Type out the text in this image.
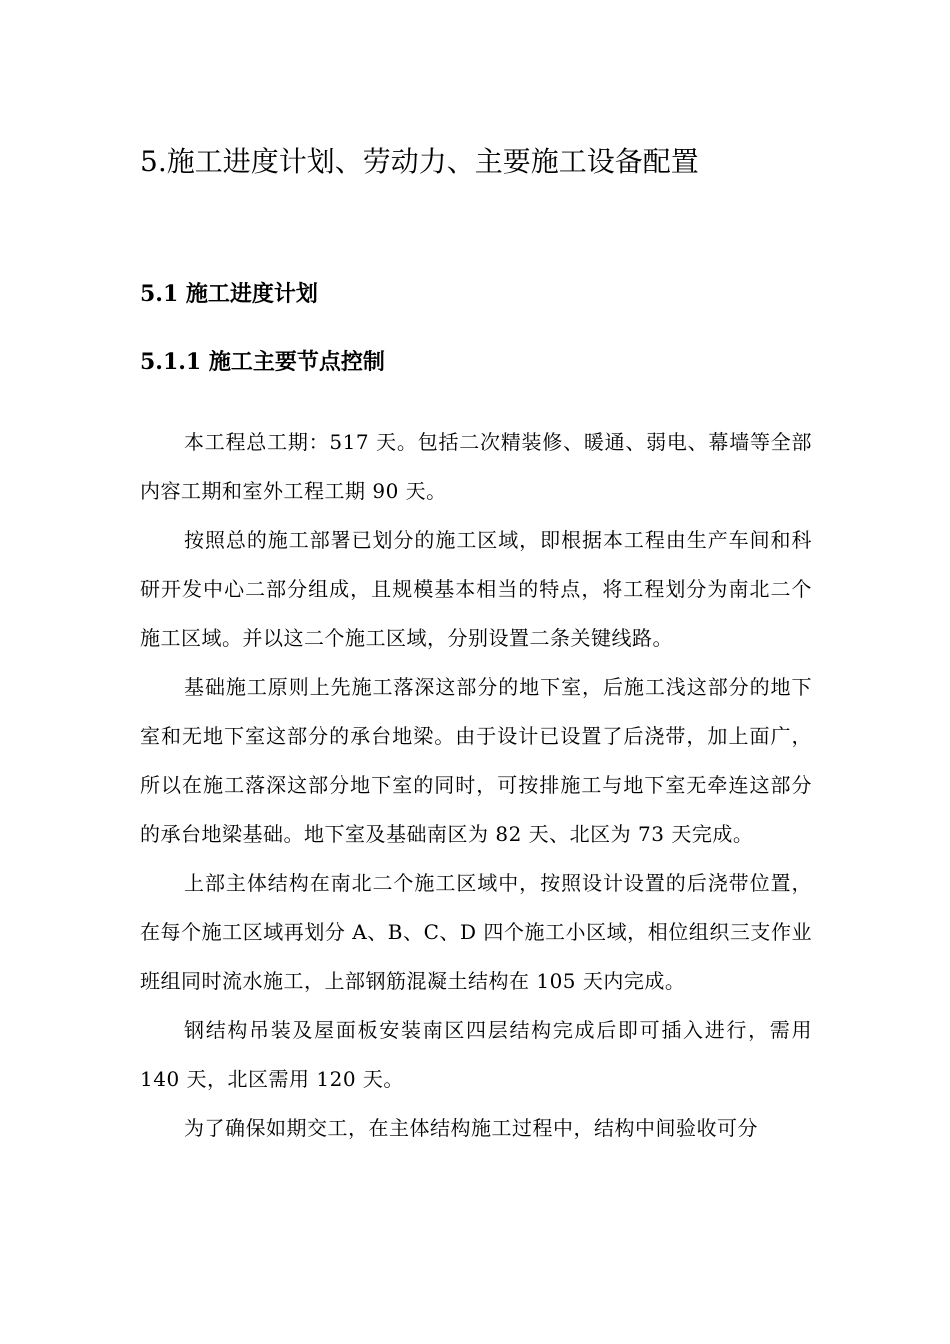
5.施工进度计划、劳动力、主要施工设备配置
5.1 施工进度计划
5.1.1 施工主要节点控制

本工程总工期：517 天。包括二次精装修、暖通、弱电、幕墙等全部内容工期和室外工程工期 90 天。

按照总的施工部署已划分的施工区域，即根据本工程由生产车间和科研开发中心二部分组成，且规模基本相当的特点，将工程划分为南北二个施工区域。并以这二个施工区域，分别设置二条关键线路。

基础施工原则上先施工落深这部分的地下室，后施工浅这部分的地下室和无地下室这部分的承台地梁。由于设计已设置了后浇带，加上面广，所以在施工落深这部分地下室的同时，可按排施工与地下室无牵连这部分的承台地梁基础。地下室及基础南区为 82 天、北区为 73 天完成。

上部主体结构在南北二个施工区域中，按照设计设置的后浇带位置，在每个施工区域再划分 A、B、C、D 四个施工小区域，相位组织三支作业班组同时流水施工，上部钢筋混凝土结构在 105 天内完成。

钢结构吊装及屋面板安装南区四层结构完成后即可插入进行，需用 140 天，北区需用 120 天。

为了确保如期交工，在主体结构施工过程中，结构中间验收可分
